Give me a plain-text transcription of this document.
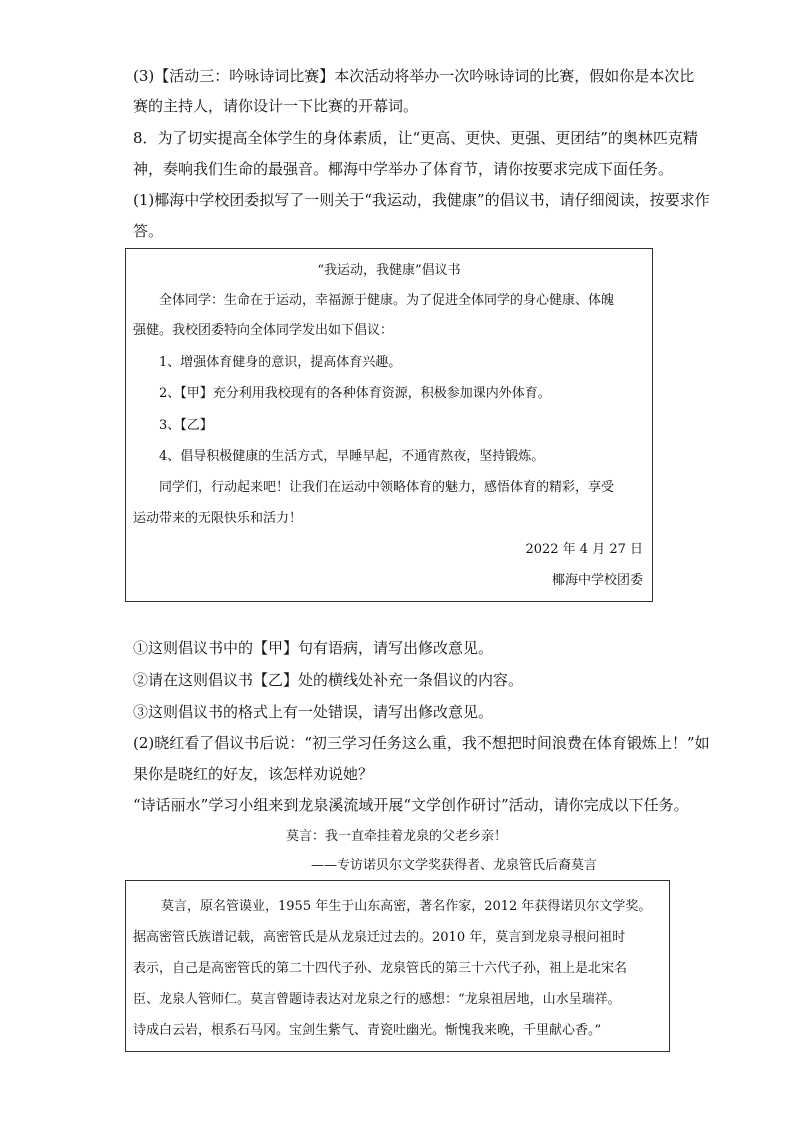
(3)【活动三：吟咏诗词比赛】本次活动将举办一次吟咏诗词的比赛，假如你是本次比
赛的主持人，请你设计一下比赛的开幕词。
8．为了切实提高全体学生的身体素质，让“更高、更快、更强、更团结”的奥林匹克精
神，奏响我们生命的最强音。椰海中学举办了体育节，请你按要求完成下面任务。
(1)椰海中学校团委拟写了一则关于“我运动，我健康”的倡议书，请仔细阅读，按要求作
答。
“我运动，我健康”倡议书
全体同学：生命在于运动，幸福源于健康。为了促进全体同学的身心健康、体魄
强健。我校团委特向全体同学发出如下倡议：
1、增强体育健身的意识，提高体育兴趣。
2、【甲】充分利用我校现有的各种体育资源，积极参加课内外体育。
3、【乙】
4、倡导积极健康的生活方式，早睡早起，不通宵熬夜，坚持锻炼。
同学们，行动起来吧！让我们在运动中领略体育的魅力，感悟体育的精彩，享受
运动带来的无限快乐和活力！
2022 年 4 月 27 日
椰海中学校团委
①这则倡议书中的【甲】句有语病，请写出修改意见。
②请在这则倡议书【乙】处的横线处补充一条倡议的内容。
③这则倡议书的格式上有一处错误，请写出修改意见。
(2)晓红看了倡议书后说：“初三学习任务这么重，我不想把时间浪费在体育锻炼上！”如
果你是晓红的好友，该怎样劝说她？
“诗话丽水”学习小组来到龙泉溪流域开展“文学创作研讨”活动，请你完成以下任务。
莫言：我一直牵挂着龙泉的父老乡亲！
——专访诺贝尔文学奖获得者、龙泉管氏后裔莫言
莫言，原名管谟业，1955 年生于山东高密，著名作家，2012 年获得诺贝尔文学奖。
据高密管氏族谱记载，高密管氏是从龙泉迁过去的。2010 年，莫言到龙泉寻根问祖时
表示，自己是高密管氏的第二十四代子孙、龙泉管氏的第三十六代子孙，祖上是北宋名
臣、龙泉人管师仁。莫言曾题诗表达对龙泉之行的感想：“龙泉祖居地，山水呈瑞祥。
诗成白云岩，根系石马冈。宝剑生紫气、青瓷吐幽光。惭愧我来晚，千里献心香。”
